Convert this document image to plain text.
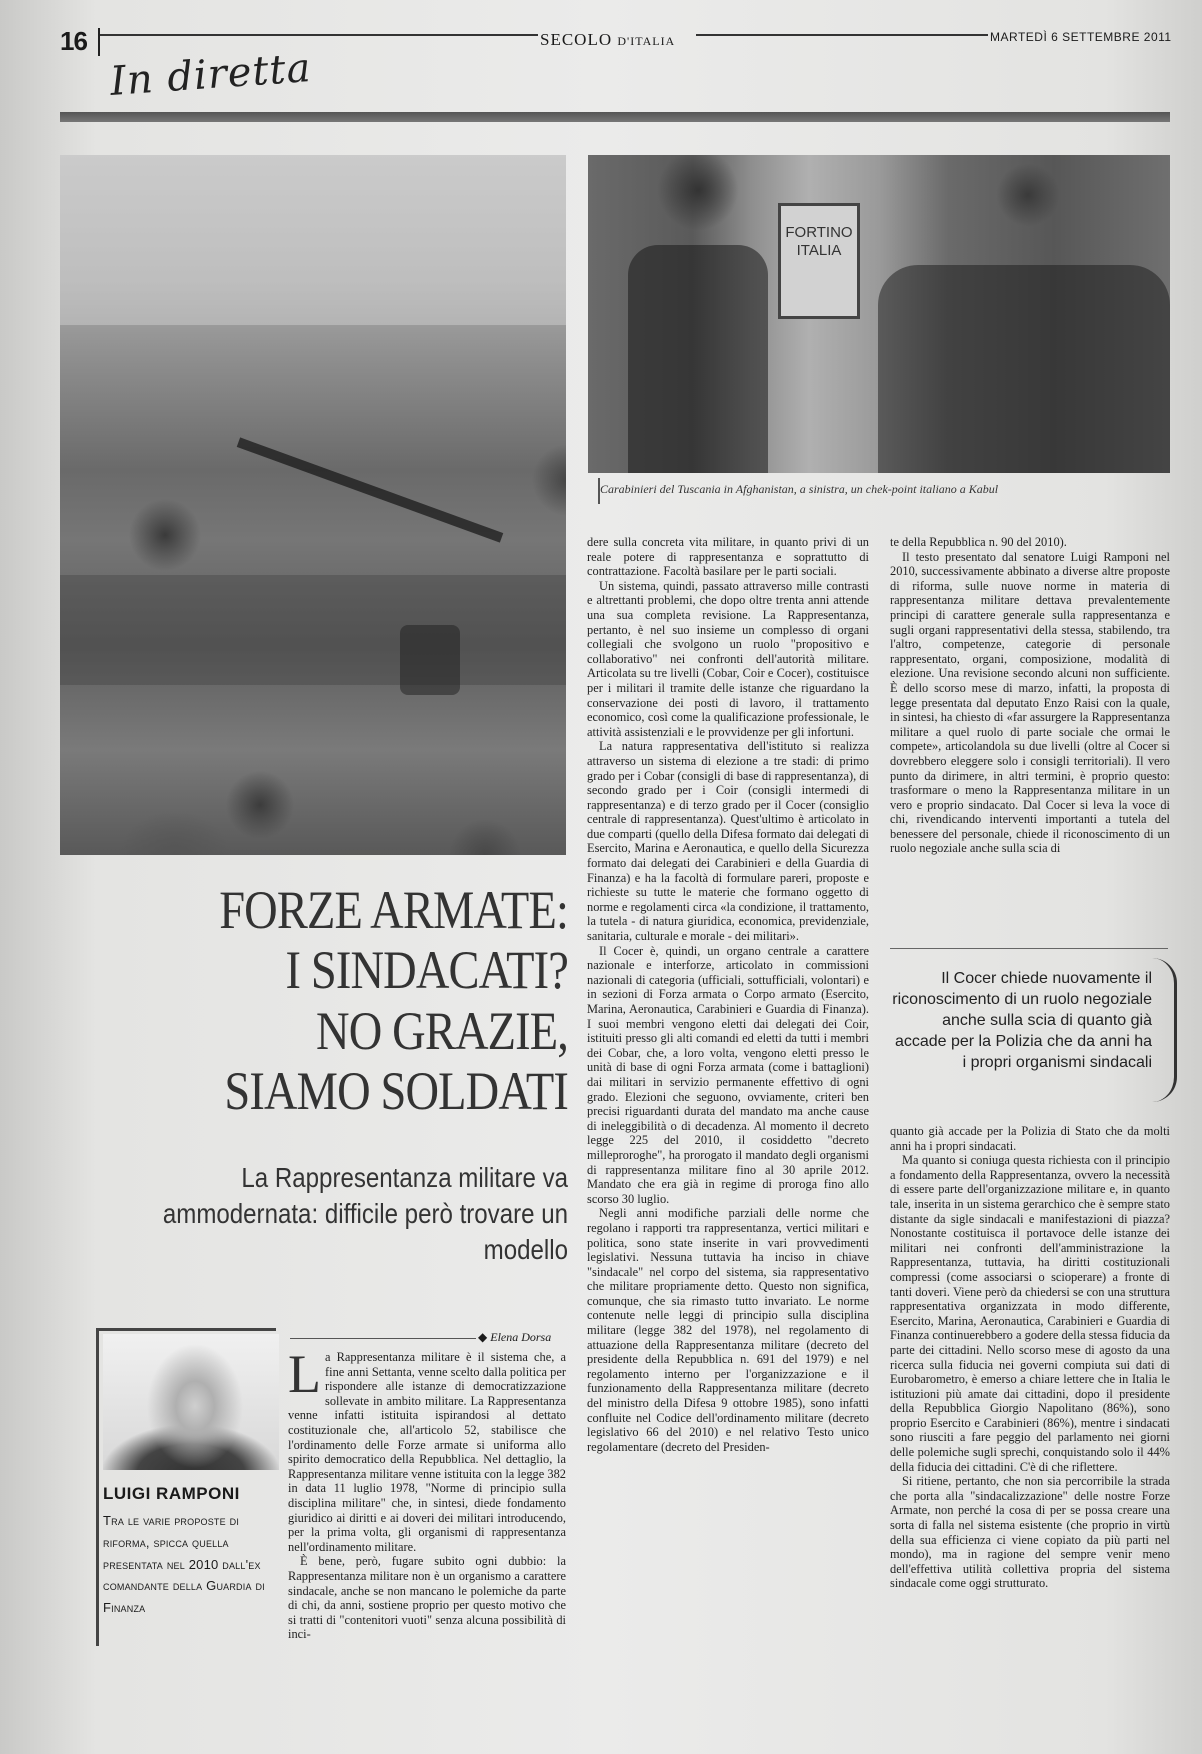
16	SECOLO D'ITALIA	MARTEDÌ 6 SETTEMBRE 2011
In diretta
FORTINO ITALIA
Carabinieri del Tuscania in Afghanistan, a sinistra, un chek-point italiano a Kabul
FORZE ARMATE:
I SINDACATI?
NO GRAZIE,
SIAMO SOLDATI
La Rappresentanza militare va ammodernata: difficile però trovare un modello
LUIGI RAMPONI
Tra le varie proposte di riforma, spicca quella presentata nel 2010 dall'ex comandante della Guardia di Finanza
◆ Elena Dorsa

La Rappresentanza militare è il sistema che, a fine anni Settanta, venne scelto dalla politica per rispondere alle istanze di democratizzazione sollevate in ambito militare. La Rappresentanza venne infatti istituita ispirandosi al dettato costituzionale che, all'articolo 52, stabilisce che l'ordinamento delle Forze armate si uniforma allo spirito democratico della Repubblica. Nel dettaglio, la Rappresentanza militare venne istituita con la legge 382 in data 11 luglio 1978, "Norme di principio sulla disciplina militare" che, in sintesi, diede fondamento giuridico ai diritti e ai doveri dei militari introducendo, per la prima volta, gli organismi di rappresentanza nell'ordinamento militare.

È bene, però, fugare subito ogni dubbio: la Rappresentanza militare non è un organismo a carattere sindacale, anche se non mancano le polemiche da parte di chi, da anni, sostiene proprio per questo motivo che si tratti di "contenitori vuoti" senza alcuna possibilità di inci-

dere sulla concreta vita militare, in quanto privi di un reale potere di rappresentanza e soprattutto di contrattazione. Facoltà basilare per le parti sociali.

Un sistema, quindi, passato attraverso mille contrasti e altrettanti problemi, che dopo oltre trenta anni attende una sua completa revisione. La Rappresentanza, pertanto, è nel suo insieme un complesso di organi collegiali che svolgono un ruolo "propositivo e collaborativo" nei confronti dell'autorità militare. Articolata su tre livelli (Cobar, Coir e Cocer), costituisce per i militari il tramite delle istanze che riguardano la conservazione dei posti di lavoro, il trattamento economico, così come la qualificazione professionale, le attività assistenziali e le provvidenze per gli infortuni.

La natura rappresentativa dell'istituto si realizza attraverso un sistema di elezione a tre stadi: di primo grado per i Cobar (consigli di base di rappresentanza), di secondo grado per i Coir (consigli intermedi di rappresentanza) e di terzo grado per il Cocer (consiglio centrale di rappresentanza). Quest'ultimo è articolato in due comparti (quello della Difesa formato dai delegati di Esercito, Marina e Aeronautica, e quello della Sicurezza formato dai delegati dei Carabinieri e della Guardia di Finanza) e ha la facoltà di formulare pareri, proposte e richieste su tutte le materie che formano oggetto di norme e regolamenti circa «la condizione, il trattamento, la tutela - di natura giuridica, economica, previdenziale, sanitaria, culturale e morale - dei militari».

Il Cocer è, quindi, un organo centrale a carattere nazionale e interforze, articolato in commissioni nazionali di categoria (ufficiali, sottufficiali, volontari) e in sezioni di Forza armata o Corpo armato (Esercito, Marina, Aeronautica, Carabinieri e Guardia di Finanza). I suoi membri vengono eletti dai delegati dei Coir, istituiti presso gli alti comandi ed eletti da tutti i membri dei Cobar, che, a loro volta, vengono eletti presso le unità di base di ogni Forza armata (come i battaglioni) dai militari in servizio permanente effettivo di ogni grado. Elezioni che seguono, ovviamente, criteri ben precisi riguardanti durata del mandato ma anche cause di ineleggibilità o di decadenza. Al momento il decreto legge 225 del 2010, il cosiddetto "decreto milleproroghe", ha prorogato il mandato degli organismi di rappresentanza militare fino al 30 aprile 2012. Mandato che era già in regime di proroga fino allo scorso 30 luglio.

Negli anni modifiche parziali delle norme che regolano i rapporti tra rappresentanza, vertici militari e politica, sono state inserite in vari provvedimenti legislativi. Nessuna tuttavia ha inciso in chiave "sindacale" nel corpo del sistema, sia rappresentativo che militare propriamente detto. Questo non significa, comunque, che sia rimasto tutto invariato. Le norme contenute nelle leggi di principio sulla disciplina militare (legge 382 del 1978), nel regolamento di attuazione della Rappresentanza militare (decreto del presidente della Repubblica n. 691 del 1979) e nel regolamento interno per l'organizzazione e il funzionamento della Rappresentanza militare (decreto del ministro della Difesa 9 ottobre 1985), sono infatti confluite nel Codice dell'ordinamento militare (decreto legislativo 66 del 2010) e nel relativo Testo unico regolamentare (decreto del Presiden-

te della Repubblica n. 90 del 2010).

Il testo presentato dal senatore Luigi Ramponi nel 2010, successivamente abbinato a diverse altre proposte di riforma, sulle nuove norme in materia di rappresentanza militare dettava prevalentemente principi di carattere generale sulla rappresentanza e sugli organi rappresentativi della stessa, stabilendo, tra l'altro, competenze, categorie di personale rappresentato, organi, composizione, modalità di elezione. Una revisione secondo alcuni non sufficiente. È dello scorso mese di marzo, infatti, la proposta di legge presentata dal deputato Enzo Raisi con la quale, in sintesi, ha chiesto di «far assurgere la Rappresentanza militare a quel ruolo di parte sociale che ormai le compete», articolandola su due livelli (oltre al Cocer si dovrebbero eleggere solo i consigli territoriali). Il vero punto da dirimere, in altri termini, è proprio questo: trasformare o meno la Rappresentanza militare in un vero e proprio sindacato. Dal Cocer si leva la voce di chi, rivendicando interventi importanti a tutela del benessere del personale, chiede il riconoscimento di un ruolo negoziale anche sulla scia di

Il Cocer chiede nuovamente il riconoscimento di un ruolo negoziale anche sulla scia di quanto già accade per la Polizia che da anni ha i propri organismi sindacali

quanto già accade per la Polizia di Stato che da molti anni ha i propri sindacati.

Ma quanto si coniuga questa richiesta con il principio a fondamento della Rappresentanza, ovvero la necessità di essere parte dell'organizzazione militare e, in quanto tale, inserita in un sistema gerarchico che è sempre stato distante da sigle sindacali e manifestazioni di piazza? Nonostante costituisca il portavoce delle istanze dei militari nei confronti dell'amministrazione la Rappresentanza, tuttavia, ha diritti costituzionali compressi (come associarsi o scioperare) a fronte di tanti doveri. Viene però da chiedersi se con una struttura rappresentativa organizzata in modo differente, Esercito, Marina, Aeronautica, Carabinieri e Guardia di Finanza continuerebbero a godere della stessa fiducia da parte dei cittadini. Nello scorso mese di agosto da una ricerca sulla fiducia nei governi compiuta sui dati di Eurobarometro, è emerso a chiare lettere che in Italia le istituzioni più amate dai cittadini, dopo il presidente della Repubblica Giorgio Napolitano (86%), sono proprio Esercito e Carabinieri (86%), mentre i sindacati sono riusciti a fare peggio del parlamento nei giorni delle polemiche sugli sprechi, conquistando solo il 44% della fiducia dei cittadini. C'è di che riflettere.

Si ritiene, pertanto, che non sia percorribile la strada che porta alla "sindacalizzazione" delle nostre Forze Armate, non perché la cosa di per se possa creare una sorta di falla nel sistema esistente (che proprio in virtù della sua efficienza ci viene copiato da più parti nel mondo), ma in ragione del sempre venir meno dell'effettiva utilità collettiva propria del sistema sindacale come oggi strutturato.
